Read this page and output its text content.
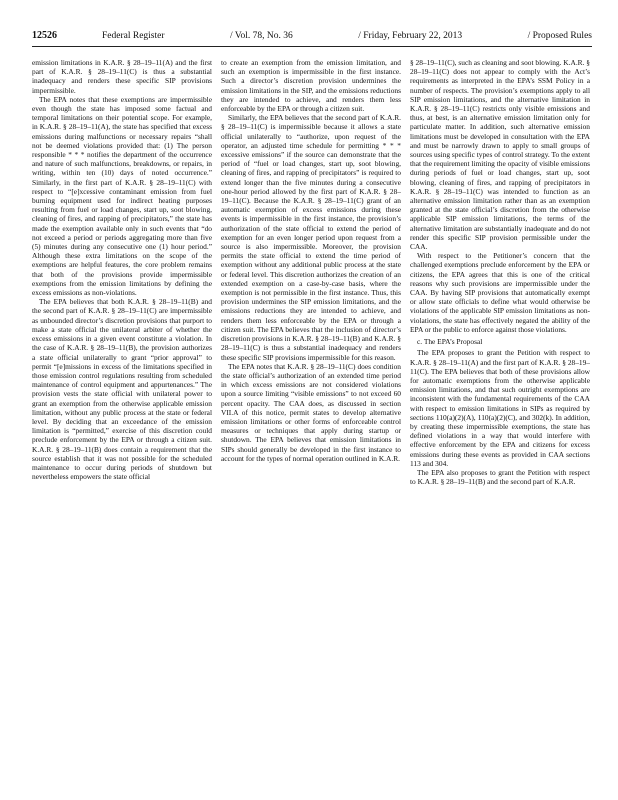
12526	Federal Register	/ Vol. 78, No. 36	/ Friday, February 22, 2013	/ Proposed Rules

emission limitations in K.A.R. § 28–19–11(A) and the first part of K.A.R. § 28–19–11(C) is thus a substantial inadequacy and renders these specific SIP provisions impermissible.

The EPA notes that these exemptions are impermissible even though the state has imposed some factual and temporal limitations on their potential scope. For example, in K.A.R. § 28–19–11(A), the state has specified that excess emissions during malfunctions or necessary repairs “shall not be deemed violations provided that: (1) The person responsible * * * notifies the department of the occurrence and nature of such malfunctions, breakdowns, or repairs, in writing, within ten (10) days of noted occurrence.” Similarly, in the first part of K.A.R. § 28–19–11(C) with respect to “[e]xcessive contaminant emission from fuel burning equipment used for indirect heating purposes resulting from fuel or load changes, start up, soot blowing, cleaning of fires, and rapping of precipitators,” the state has made the exemption available only in such events that “do not exceed a period or periods aggregating more than five (5) minutes during any consecutive one (1) hour period.” Although these extra limitations on the scope of the exemptions are helpful features, the core problem remains that both of the provisions provide impermissible exemptions from the emission limitations by defining the excess emissions as non-violations.

The EPA believes that both K.A.R. § 28–19–11(B) and the second part of K.A.R. § 28–19–11(C) are impermissible as unbounded director’s discretion provisions that purport to make a state official the unilateral arbiter of whether the excess emissions in a given event constitute a violation. In the case of K.A.R. § 28–19–11(B), the provision authorizes a state official unilaterally to grant “prior approval” to permit “[e]missions in excess of the limitations specified in those emission control regulations resulting from scheduled maintenance of control equipment and appurtenances.” The provision vests the state official with unilateral power to grant an exemption from the otherwise applicable emission limitation, without any public process at the state or federal level. By deciding that an exceedance of the emission limitation is “permitted,” exercise of this discretion could preclude enforcement by the EPA or through a citizen suit. K.A.R. § 28–19–11(B) does contain a requirement that the source establish that it was not possible for the scheduled maintenance to occur during periods of shutdown but nevertheless empowers the state official

to create an exemption from the emission limitation, and such an exemption is impermissible in the first instance. Such a director’s discretion provision undermines the emission limitations in the SIP, and the emissions reductions they are intended to achieve, and renders them less enforceable by the EPA or through a citizen suit.

Similarly, the EPA believes that the second part of K.A.R. § 28–19–11(C) is impermissible because it allows a state official unilaterally to “authorize, upon request of the operator, an adjusted time schedule for permitting * * * excessive emissions” if the source can demonstrate that the period of “fuel or load changes, start up, soot blowing, cleaning of fires, and rapping of precipitators” is required to extend longer than the five minutes during a consecutive one-hour period allowed by the first part of K.A.R. § 28–19–11(C). Because the K.A.R. § 28–19–11(C) grant of an automatic exemption of excess emissions during these events is impermissible in the first instance, the provision’s authorization of the state official to extend the period of exemption for an even longer period upon request from a source is also impermissible. Moreover, the provision permits the state official to extend the time period of exemption without any additional public process at the state or federal level. This discretion authorizes the creation of an extended exemption on a case-by-case basis, where the exemption is not permissible in the first instance. Thus, this provision undermines the SIP emission limitations, and the emissions reductions they are intended to achieve, and renders them less enforceable by the EPA or through a citizen suit. The EPA believes that the inclusion of director’s discretion provisions in K.A.R. § 28–19–11(B) and K.A.R. § 28–19–11(C) is thus a substantial inadequacy and renders these specific SIP provisions impermissible for this reason.

The EPA notes that K.A.R. § 28–19–11(C) does condition the state official’s authorization of an extended time period in which excess emissions are not considered violations upon a source limiting “visible emissions” to not exceed 60 percent opacity. The CAA does, as discussed in section VII.A of this notice, permit states to develop alternative emission limitations or other forms of enforceable control measures or techniques that apply during startup or shutdown. The EPA believes that emission limitations in SIPs should generally be developed in the first instance to account for the types of normal operation outlined in K.A.R.

§ 28–19–11(C), such as cleaning and soot blowing. K.A.R. § 28–19–11(C) does not appear to comply with the Act’s requirements as interpreted in the EPA’s SSM Policy in a number of respects. The provision’s exemptions apply to all SIP emission limitations, and the alternative limitation in K.A.R. § 28–19–11(C) restricts only visible emissions and thus, at best, is an alternative emission limitation only for particulate matter. In addition, such alternative emission limitations must be developed in consultation with the EPA and must be narrowly drawn to apply to small groups of sources using specific types of control strategy. To the extent that the requirement limiting the opacity of visible emissions during periods of fuel or load changes, start up, soot blowing, cleaning of fires, and rapping of precipitators in K.A.R. § 28–19–11(C) was intended to function as an alternative emission limitation rather than as an exemption granted at the state official’s discretion from the otherwise applicable SIP emission limitations, the terms of the alternative limitation are substantially inadequate and do not render this specific SIP provision permissible under the CAA.

With respect to the Petitioner’s concern that the challenged exemptions preclude enforcement by the EPA or citizens, the EPA agrees that this is one of the critical reasons why such provisions are impermissible under the CAA. By having SIP provisions that automatically exempt or allow state officials to define what would otherwise be violations of the applicable SIP emission limitations as non-violations, the state has effectively negated the ability of the EPA or the public to enforce against those violations.

c. The EPA’s Proposal

The EPA proposes to grant the Petition with respect to K.A.R. § 28–19–11(A) and the first part of K.A.R. § 28–19–11(C). The EPA believes that both of these provisions allow for automatic exemptions from the otherwise applicable emission limitations, and that such outright exemptions are inconsistent with the fundamental requirements of the CAA with respect to emission limitations in SIPs as required by sections 110(a)(2)(A), 110(a)(2)(C), and 302(k). In addition, by creating these impermissible exemptions, the state has defined violations in a way that would interfere with effective enforcement by the EPA and citizens for excess emissions during these events as provided in CAA sections 113 and 304.

The EPA also proposes to grant the Petition with respect to K.A.R. § 28–19–11(B) and the second part of K.A.R.
